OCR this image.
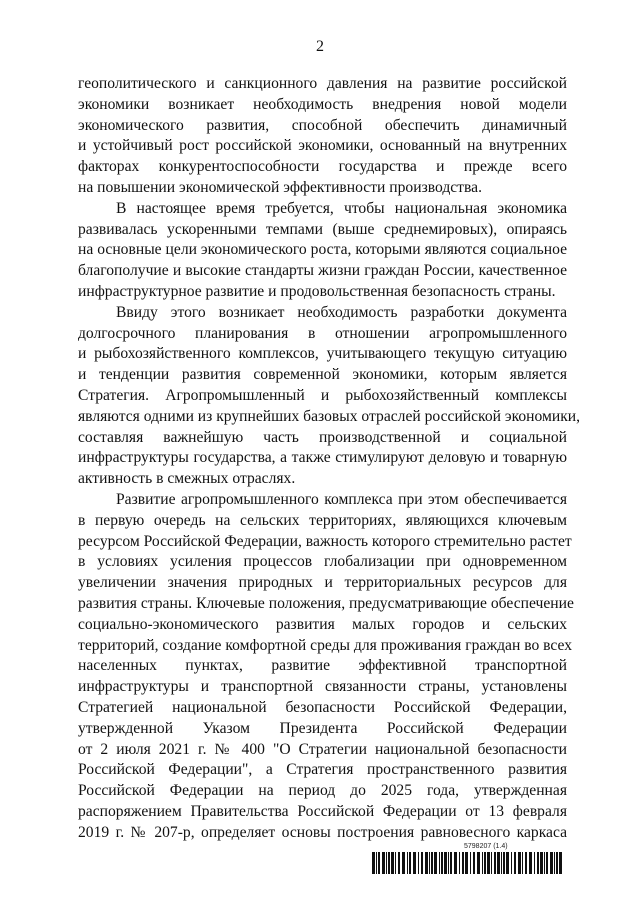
2
геополитического и санкционного давления на развитие российской
экономики возникает необходимость внедрения новой модели
экономического развития, способной обеспечить динамичный
и устойчивый рост российской экономики, основанный на внутренних
факторах конкурентоспособности государства и прежде всего
на повышении экономической эффективности производства.
В настоящее время требуется, чтобы национальная экономика
развивалась ускоренными темпами (выше среднемировых), опираясь
на основные цели экономического роста, которыми являются социальное
благополучие и высокие стандарты жизни граждан России, качественное
инфраструктурное развитие и продовольственная безопасность страны.
Ввиду этого возникает необходимость разработки документа
долгосрочного планирования в отношении агропромышленного
и рыбохозяйственного комплексов, учитывающего текущую ситуацию
и тенденции развития современной экономики, которым является
Стратегия. Агропромышленный и рыбохозяйственный комплексы
являются одними из крупнейших базовых отраслей российской экономики,
составляя важнейшую часть производственной и социальной
инфраструктуры государства, а также стимулируют деловую и товарную
активность в смежных отраслях.
Развитие агропромышленного комплекса при этом обеспечивается
в первую очередь на сельских территориях, являющихся ключевым
ресурсом Российской Федерации, важность которого стремительно растет
в условиях усиления процессов глобализации при одновременном
увеличении значения природных и территориальных ресурсов для
развития страны. Ключевые положения, предусматривающие обеспечение
социально-экономического развития малых городов и сельских
территорий, создание комфортной среды для проживания граждан во всех
населенных пунктах, развитие эффективной транспортной
инфраструктуры и транспортной связанности страны, установлены
Стратегией национальной безопасности Российской Федерации,
утвержденной Указом Президента Российской Федерации
от 2 июля 2021 г. № 400 "О Стратегии национальной безопасности
Российской Федерации", а Стратегия пространственного развития
Российской Федерации на период до 2025 года, утвержденная
распоряжением Правительства Российской Федерации от 13 февраля
2019 г. № 207-р, определяет основы построения равновесного каркаса
5798207 (1.4)
